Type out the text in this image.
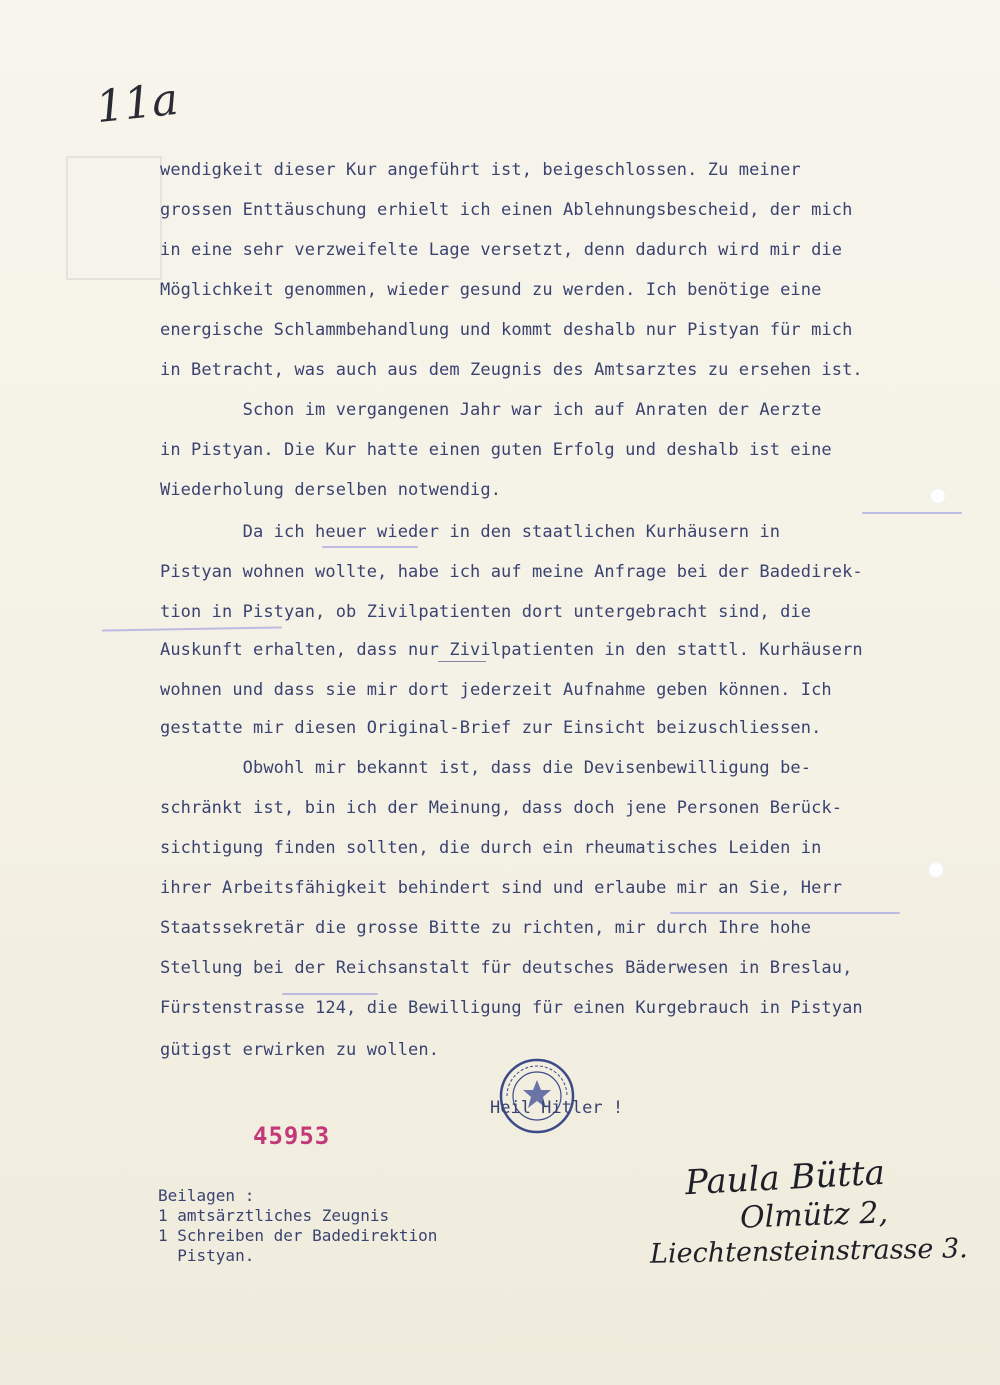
11a
wendigkeit dieser Kur angeführt ist, beigeschlossen. Zu meiner
grossen Enttäuschung erhielt ich einen Ablehnungsbescheid, der mich
in eine sehr verzweifelte Lage versetzt, denn dadurch wird mir die
Möglichkeit genommen, wieder gesund zu werden. Ich benötige eine
energische Schlammbehandlung und kommt deshalb nur Pistyan für mich
in Betracht, was auch aus dem Zeugnis des Amtsarztes zu ersehen ist.
Schon im vergangenen Jahr war ich auf Anraten der Aerzte
in Pistyan. Die Kur hatte einen guten Erfolg und deshalb ist eine
Wiederholung derselben notwendig.
Da ich heuer wieder in den staatlichen Kurhäusern in
Pistyan wohnen wollte, habe ich auf meine Anfrage bei der Badedirek-
tion in Pistyan, ob Zivilpatienten dort untergebracht sind, die
Auskunft erhalten, dass nur Zivilpatienten in den stattl. Kurhäusern
wohnen und dass sie mir dort jederzeit Aufnahme geben können. Ich
gestatte mir diesen Original-Brief zur Einsicht beizuschliessen.
Obwohl mir bekannt ist, dass die Devisenbewilligung be-
schränkt ist, bin ich der Meinung, dass doch jene Personen Berück-
sichtigung finden sollten, die durch ein rheumatisches Leiden in
ihrer Arbeitsfähigkeit behindert sind und erlaube mir an Sie, Herr
Staatssekretär die grosse Bitte zu richten, mir durch Ihre hohe
Stellung bei der Reichsanstalt für deutsches Bäderwesen in Breslau,
Fürstenstrasse 124, die Bewilligung für einen Kurgebrauch in Pistyan
gütigst erwirken zu wollen.
Heil Hitler !
45953
Beilagen :
1 amtsärztliches Zeugnis
1 Schreiben der Badedirektion
Pistyan.
Paula Bütta
Olmütz 2,
Liechtensteinstrasse 3.
